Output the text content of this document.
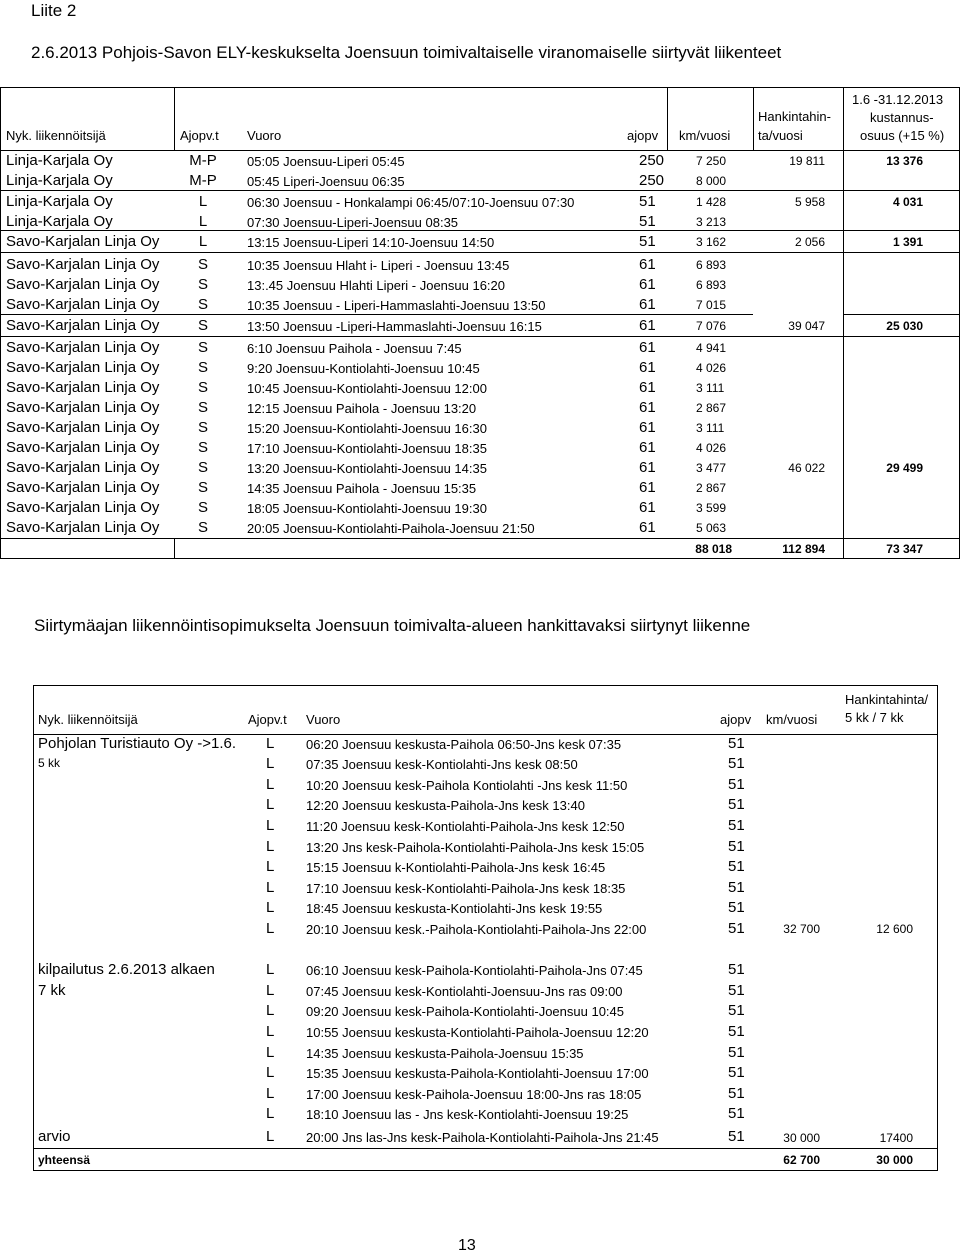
Liite 2
2.6.2013 Pohjois-Savon ELY-keskukselta Joensuun toimivaltaiselle viranomaiselle siirtyvät liikenteet
Nyk. liikennöitsijä	Ajopv.t Vuoro	ajopv km/vuosi
Hankintahin-
ta/vuosi
1.6 -31.12.2013
kustannus-
osuus (+15 %)
Linja-Karjala Oy	M-P	05:05 Joensuu-Liperi 05:45	250	7 250	19 811	13 376
Linja-Karjala Oy	M-P	05:45 Liperi-Joensuu 06:35	250	8 000
Linja-Karjala Oy	L	06:30 Joensuu - Honkalampi 06:45/07:10-Joensuu 07:30	51	1 428	5 958	4 031
Linja-Karjala Oy	L	07:30 Joensuu-Liperi-Joensuu 08:35	51	3 213
Savo-Karjalan Linja Oy	L	13:15 Joensuu-Liperi 14:10-Joensuu 14:50	51	3 162	2 056	1 391
Savo-Karjalan Linja Oy	S	10:35 Joensuu Hlaht i- Liperi - Joensuu 13:45	61	6 893
Savo-Karjalan Linja Oy	S	13:.45 Joensuu Hlahti Liperi - Joensuu 16:20	61	6 893
Savo-Karjalan Linja Oy	S	10:35 Joensuu - Liperi-Hammaslahti-Joensuu 13:50	61	7 015
Savo-Karjalan Linja Oy	S	13:50 Joensuu -Liperi-Hammaslahti-Joensuu 16:15	61	7 076	39 047	25 030
Savo-Karjalan Linja Oy	S	6:10 Joensuu Paihola - Joensuu 7:45	61	4 941
Savo-Karjalan Linja Oy	S	9:20 Joensuu-Kontiolahti-Joensuu 10:45	61	4 026
Savo-Karjalan Linja Oy	S	10:45 Joensuu-Kontiolahti-Joensuu 12:00	61	3 111
Savo-Karjalan Linja Oy	S	12:15 Joensuu Paihola - Joensuu 13:20	61	2 867
Savo-Karjalan Linja Oy	S	15:20 Joensuu-Kontiolahti-Joensuu 16:30	61	3 111
Savo-Karjalan Linja Oy	S	17:10 Joensuu-Kontiolahti-Joensuu 18:35	61	4 026
Savo-Karjalan Linja Oy	S	13:20 Joensuu-Kontiolahti-Joensuu 14:35	61	3 477	46 022	29 499
Savo-Karjalan Linja Oy	S	14:35 Joensuu Paihola - Joensuu 15:35	61	2 867
Savo-Karjalan Linja Oy	S	18:05 Joensuu-Kontiolahti-Joensuu 19:30	61	3 599
Savo-Karjalan Linja Oy	S	20:05 Joensuu-Kontiolahti-Paihola-Joensuu 21:50	61	5 063
88 018	112 894	73 347
Siirtymäajan liikennöintisopimukselta Joensuun toimivalta-alueen hankittavaksi siirtynyt liikenne
Nyk. liikennöitsijä	Ajopv.t Vuoro	ajopv km/vuosi
Hankintahinta/
5 kk / 7 kk
Pohjolan Turistiauto Oy ->1.6.
5 kk
L 06:20 Joensuu keskusta-Paihola 06:50-Jns kesk 07:35	51
L 07:35 Joensuu kesk-Kontiolahti-Jns kesk 08:50	51
L 10:20 Joensuu kesk-Paihola Kontiolahti -Jns kesk 11:50	51
L 12:20 Joensuu keskusta-Paihola-Jns kesk 13:40	51
L 11:20 Joensuu kesk-Kontiolahti-Paihola-Jns kesk 12:50	51
L 13:20 Jns kesk-Paihola-Kontiolahti-Paihola-Jns kesk 15:05	51
L 15:15 Joensuu k-Kontiolahti-Paihola-Jns kesk 16:45	51
L 17:10 Joensuu kesk-Kontiolahti-Paihola-Jns kesk 18:35	51
L 18:45 Joensuu keskusta-Kontiolahti-Jns kesk 19:55	51
L 20:10 Joensuu kesk.-Paihola-Kontiolahti-Paihola-Jns 22:00	51	32 700	12 600
kilpailutus 2.6.2013 alkaen
7 kk
arvio
L 06:10 Joensuu kesk-Paihola-Kontiolahti-Paihola-Jns 07:45	51
L 07:45 Joensuu kesk-Kontiolahti-Joensuu-Jns ras 09:00	51
L 09:20 Joensuu kesk-Paihola-Kontiolahti-Joensuu 10:45	51
L 10:55 Joensuu keskusta-Kontiolahti-Paihola-Joensuu 12:20	51
L 14:35 Joensuu keskusta-Paihola-Joensuu 15:35	51
L 15:35 Joensuu keskusta-Paihola-Kontiolahti-Joensuu 17:00	51
L 17:00 Joensuu kesk-Paihola-Joensuu 18:00-Jns ras 18:05	51
L 18:10 Joensuu las - Jns kesk-Kontiolahti-Joensuu 19:25	51
L 20:00 Jns las-Jns kesk-Paihola-Kontiolahti-Paihola-Jns 21:45	51	30 000	17400
yhteensä	62 700	30 000
13
